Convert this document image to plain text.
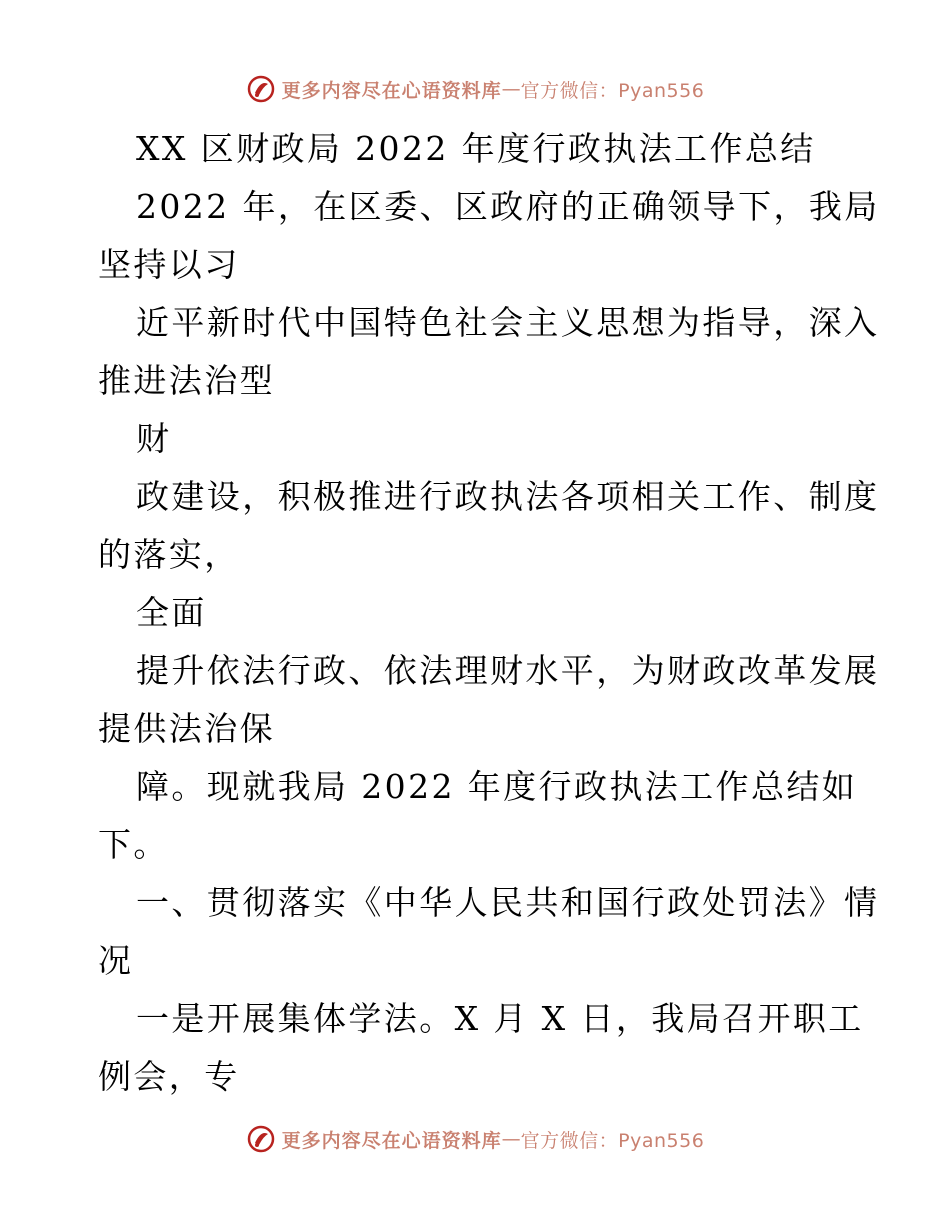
更多内容尽在心语资料库 — 官方微信：Pyan556
XX 区财政局 2022 年度行政执法工作总结
2022 年，在区委、区政府的正确领导下，我局
坚持以习
近平新时代中国特色社会主义思想为指导，深入
推进法治型
财
政建设，积极推进行政执法各项相关工作、制度
的落实，
全面
提升依法行政、依法理财水平，为财政改革发展
提供法治保
障。现就我局 2022 年度行政执法工作总结如
下。
一、贯彻落实《中华人民共和国行政处罚法》情
况
一是开展集体学法。X 月 X 日，我局召开职工
例会，专
更多内容尽在心语资料库 — 官方微信：Pyan556
